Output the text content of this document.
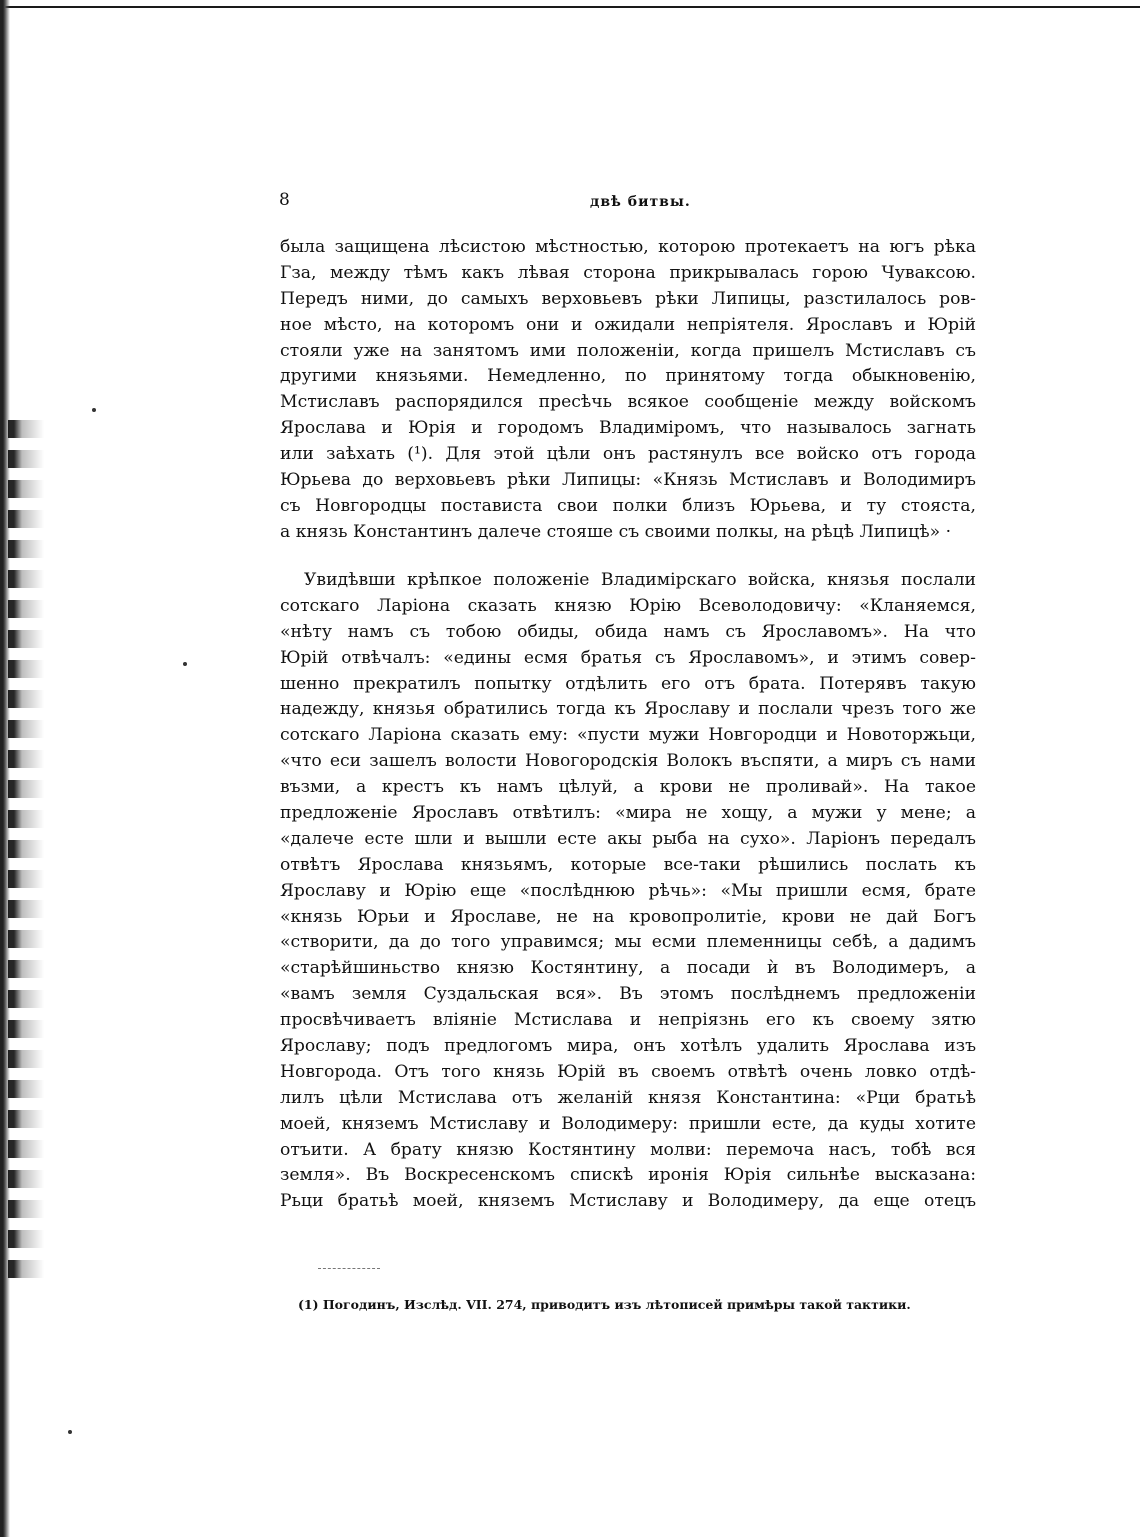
8	двѣ битвы.
была защищена лѣсистою мѣстностью, которою протекаетъ на югъ рѣка
Гза, между тѣмъ какъ лѣвая сторона прикрывалась горою Чуваксою.
Передъ ними, до самыхъ верховьевъ рѣки Липицы, разстилалось ров-
ное мѣсто, на которомъ они и ожидали непріятеля. Ярославъ и Юрій
стояли уже на занятомъ ими положеніи, когда пришелъ Мстиславъ съ
другими князьями. Немедленно, по принятому тогда обыкновенію,
Мстиславъ распорядился пресѣчь всякое сообщеніе между войскомъ
Ярослава и Юрія и городомъ Владиміромъ, что называлось загнать
или заѣхать (¹). Для этой цѣли онъ растянулъ все войско отъ города
Юрьева до верховьевъ рѣки Липицы: «Князь Мстиславъ и Володимиръ
съ Новгородцы постависта свои полки близъ Юрьева, и ту стояста,
а князь Константинъ далече стояше съ своими полкы, на рѣцѣ Липицѣ» ·
Увидѣвши крѣпкое положеніе Владимірскаго войска, князья послали
сотскаго Ларіона сказать князю Юрію Всеволодовичу: «Кланяемся,
«нѣту намъ съ тобою обиды, обида намъ съ Ярославомъ». На что
Юрій отвѣчалъ: «едины есмя братья съ Ярославомъ», и этимъ совер-
шенно прекратилъ попытку отдѣлить его отъ брата. Потерявъ такую
надежду, князья обратились тогда къ Ярославу и послали чрезъ того же
сотскаго Ларіона сказать ему: «пусти мужи Новгородци и Новоторжьци,
«что еси зашелъ волости Новогородскія Волокъ въспяти, а миръ съ нами
възми, а крестъ къ намъ цѣлуй, а крови не проливай». На такое
предложеніе Ярославъ отвѣтилъ: «мира не хощу, а мужи у мене; а
«далече есте шли и вышли есте акы рыба на сухо». Ларіонъ передалъ
отвѣтъ Ярослава князьямъ, которые все-таки рѣшились послать къ
Ярославу и Юрію еще «послѣднюю рѣчь»: «Мы пришли есмя, брате
«князь Юрьи и Ярославе, не на кровопролитіе, крови не дай Богъ
«створити, да до того управимся; мы есми племенницы себѣ, а дадимъ
«старѣйшиньство князю Костянтину, а посади ѝ въ Володимеръ, а
«вамъ земля Суздальская вся». Въ этомъ послѣднемъ предложеніи
просвѣчиваетъ вліяніе Мстислава и непріязнь его къ своему зятю
Ярославу; подъ предлогомъ мира, онъ хотѣлъ удалить Ярослава изъ
Новгорода. Отъ того князь Юрій въ своемъ отвѣтѣ очень ловко отдѣ-
лилъ цѣли Мстислава отъ желаній князя Константина: «Рци братьѣ
моей, княземъ Мстиславу и Володимеру: пришли есте, да куды хотите
отъити. А брату князю Костянтину молви: перемоча насъ, тобѣ вся
земля». Въ Воскресенскомъ спискѣ иронія Юрія сильнѣе высказана:
Рьци братьѣ моей, княземъ Мстиславу и Володимеру, да еще отецъ
(1) Погодинъ, Изслѣд. VII. 274, приводитъ изъ лѣтописей примѣры такой тактики.
